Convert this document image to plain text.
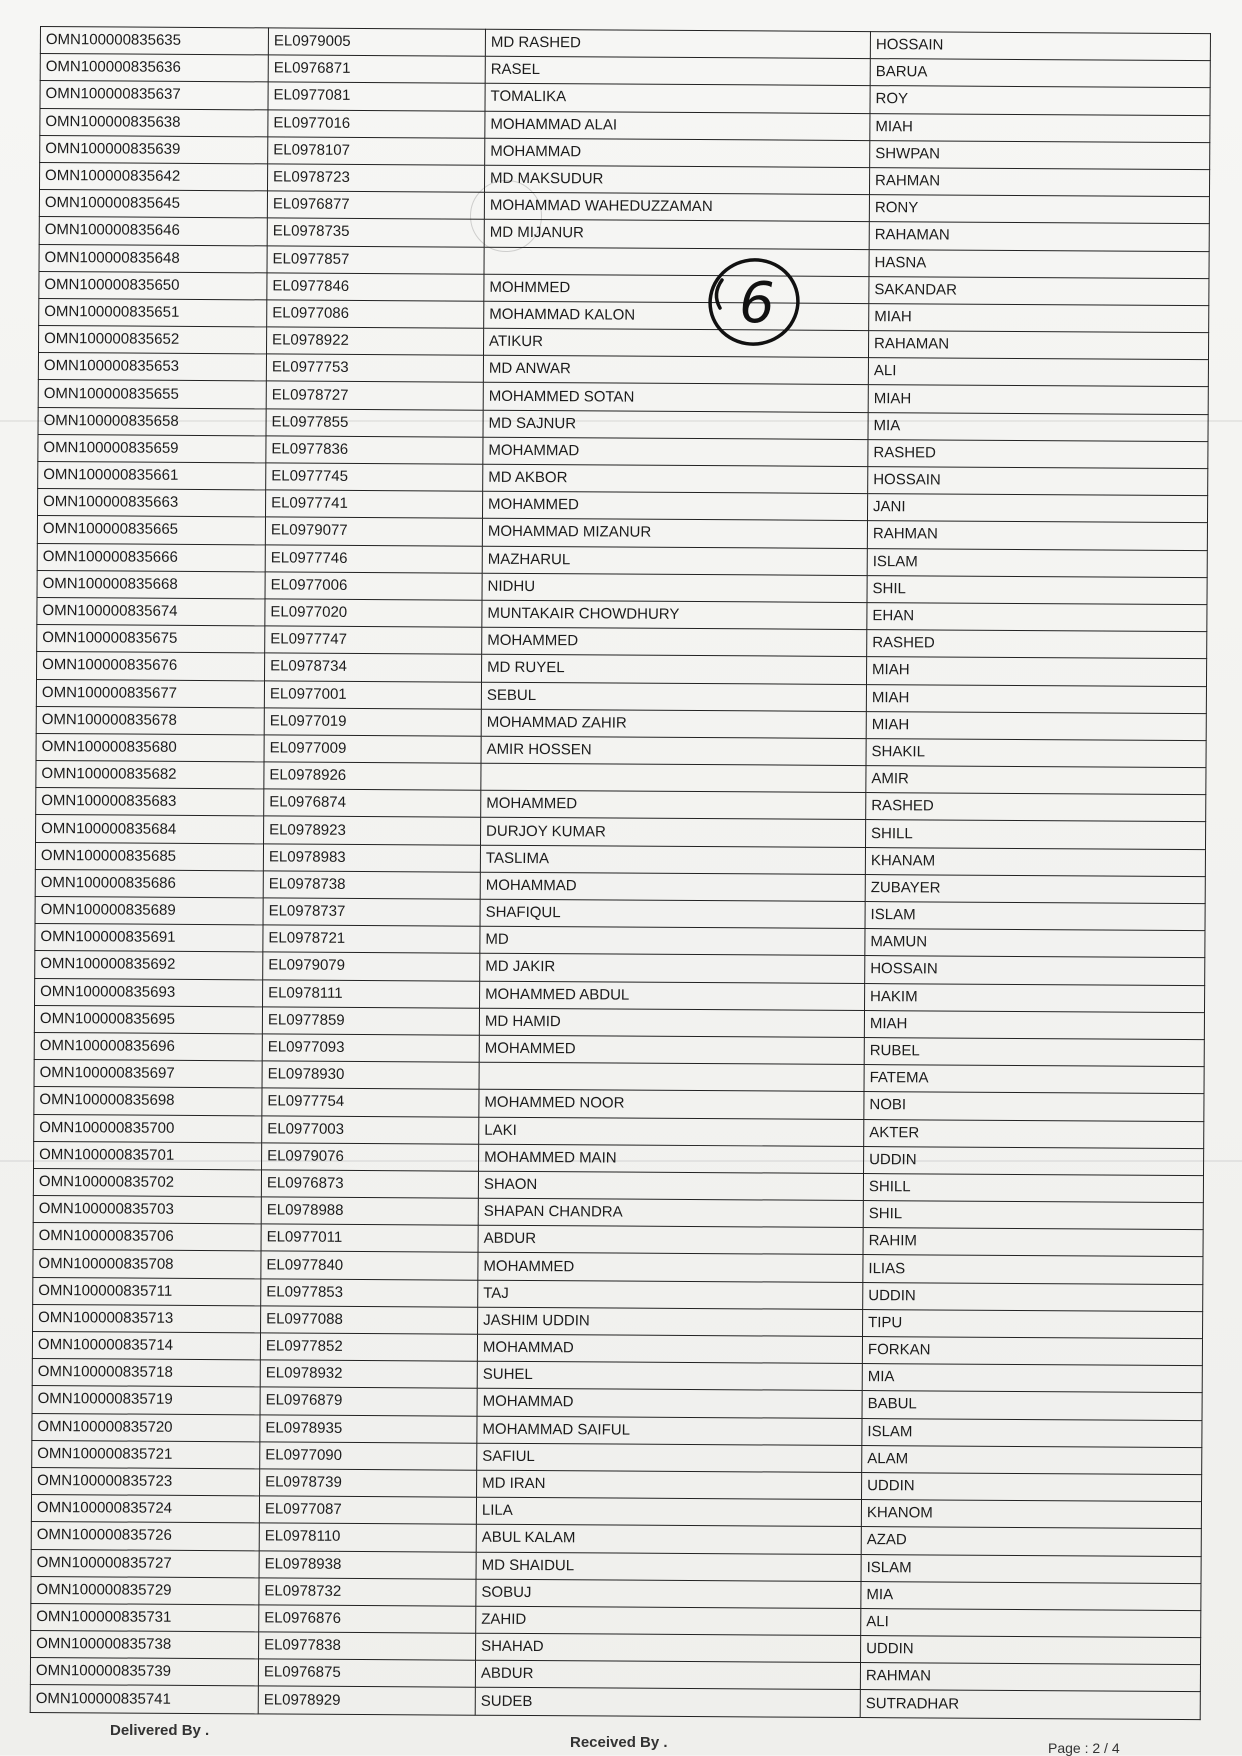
OMN100000835635	EL0979005	MD RASHED	HOSSAIN
OMN100000835636	EL0976871	RASEL	BARUA
OMN100000835637	EL0977081	TOMALIKA	ROY
OMN100000835638	EL0977016	MOHAMMAD ALAI	MIAH
OMN100000835639	EL0978107	MOHAMMAD	SHWPAN
OMN100000835642	EL0978723	MD MAKSUDUR	RAHMAN
OMN100000835645	EL0976877	MOHAMMAD WAHEDUZZAMAN	RONY
OMN100000835646	EL0978735	MD MIJANUR	RAHAMAN
OMN100000835648	EL0977857		HASNA
OMN100000835650	EL0977846	MOHMMED	SAKANDAR
OMN100000835651	EL0977086	MOHAMMAD KALON	MIAH
OMN100000835652	EL0978922	ATIKUR	RAHAMAN
OMN100000835653	EL0977753	MD ANWAR	ALI
OMN100000835655	EL0978727	MOHAMMED SOTAN	MIAH
OMN100000835658	EL0977855	MD SAJNUR	MIA
OMN100000835659	EL0977836	MOHAMMAD	RASHED
OMN100000835661	EL0977745	MD AKBOR	HOSSAIN
OMN100000835663	EL0977741	MOHAMMED	JANI
OMN100000835665	EL0979077	MOHAMMAD MIZANUR	RAHMAN
OMN100000835666	EL0977746	MAZHARUL	ISLAM
OMN100000835668	EL0977006	NIDHU	SHIL
OMN100000835674	EL0977020	MUNTAKAIR CHOWDHURY	EHAN
OMN100000835675	EL0977747	MOHAMMED	RASHED
OMN100000835676	EL0978734	MD RUYEL	MIAH
OMN100000835677	EL0977001	SEBUL	MIAH
OMN100000835678	EL0977019	MOHAMMAD ZAHIR	MIAH
OMN100000835680	EL0977009	AMIR HOSSEN	SHAKIL
OMN100000835682	EL0978926		AMIR
OMN100000835683	EL0976874	MOHAMMED	RASHED
OMN100000835684	EL0978923	DURJOY KUMAR	SHILL
OMN100000835685	EL0978983	TASLIMA	KHANAM
OMN100000835686	EL0978738	MOHAMMAD	ZUBAYER
OMN100000835689	EL0978737	SHAFIQUL	ISLAM
OMN100000835691	EL0978721	MD	MAMUN
OMN100000835692	EL0979079	MD JAKIR	HOSSAIN
OMN100000835693	EL0978111	MOHAMMED ABDUL	HAKIM
OMN100000835695	EL0977859	MD HAMID	MIAH
OMN100000835696	EL0977093	MOHAMMED	RUBEL
OMN100000835697	EL0978930		FATEMA
OMN100000835698	EL0977754	MOHAMMED NOOR	NOBI
OMN100000835700	EL0977003	LAKI	AKTER
OMN100000835701	EL0979076	MOHAMMED MAIN	UDDIN
OMN100000835702	EL0976873	SHAON	SHILL
OMN100000835703	EL0978988	SHAPAN CHANDRA	SHIL
OMN100000835706	EL0977011	ABDUR	RAHIM
OMN100000835708	EL0977840	MOHAMMED	ILIAS
OMN100000835711	EL0977853	TAJ	UDDIN
OMN100000835713	EL0977088	JASHIM UDDIN	TIPU
OMN100000835714	EL0977852	MOHAMMAD	FORKAN
OMN100000835718	EL0978932	SUHEL	MIA
OMN100000835719	EL0976879	MOHAMMAD	BABUL
OMN100000835720	EL0978935	MOHAMMAD SAIFUL	ISLAM
OMN100000835721	EL0977090	SAFIUL	ALAM
OMN100000835723	EL0978739	MD IRAN	UDDIN
OMN100000835724	EL0977087	LILA	KHANOM
OMN100000835726	EL0978110	ABUL KALAM	AZAD
OMN100000835727	EL0978938	MD SHAIDUL	ISLAM
OMN100000835729	EL0978732	SOBUJ	MIA
OMN100000835731	EL0976876	ZAHID	ALI
OMN100000835738	EL0977838	SHAHAD	UDDIN
OMN100000835739	EL0976875	ABDUR	RAHMAN
OMN100000835741	EL0978929	SUDEB	SUTRADHAR
6
Delivered By .
Received By .	Page : 2 / 4
